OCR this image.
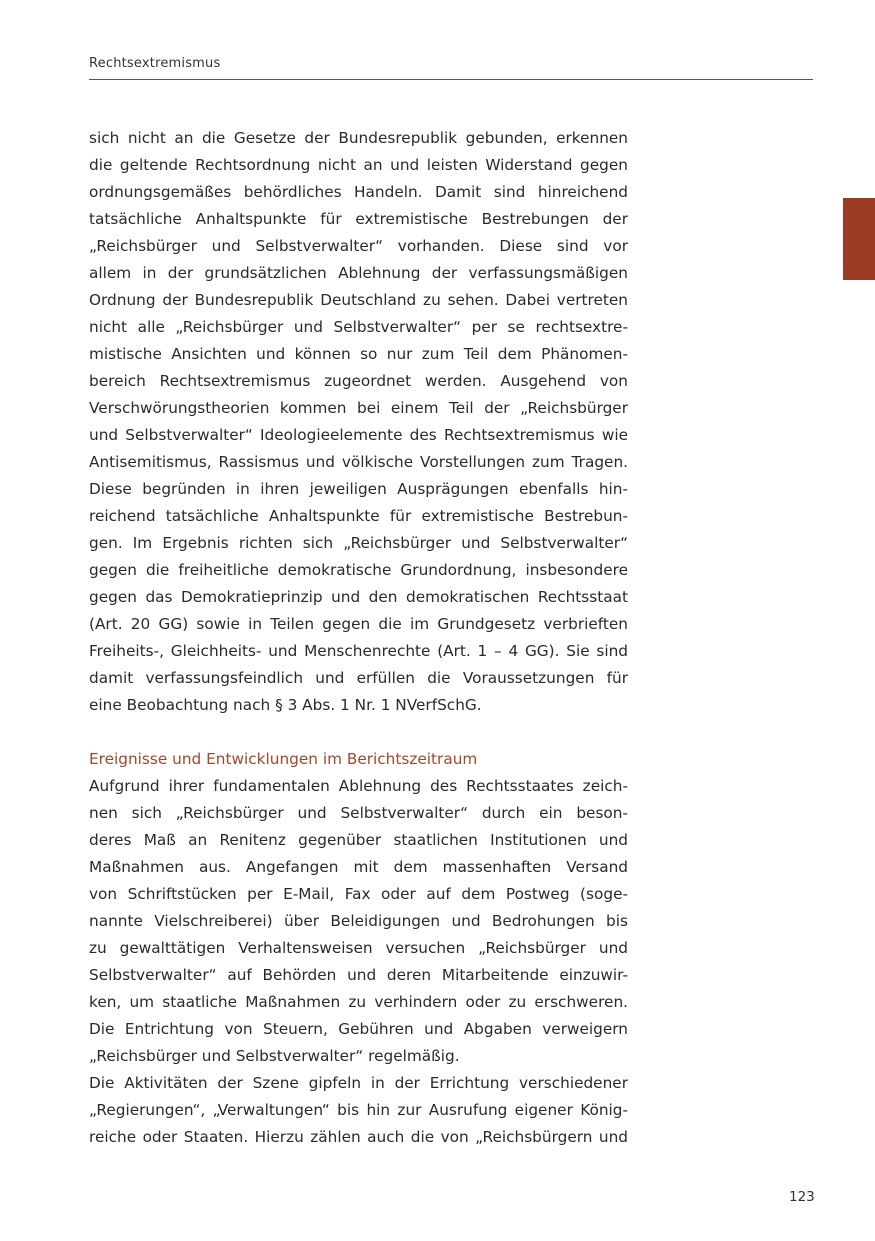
Rechtsextremismus
sich nicht an die Gesetze der Bundesrepublik gebunden, erkennen
die geltende Rechtsordnung nicht an und leisten Widerstand gegen
ordnungsgemäßes behördliches Handeln. Damit sind hinreichend
tatsächliche Anhaltspunkte für extremistische Bestrebungen der
„Reichsbürger und Selbstverwalter“ vorhanden. Diese sind vor
allem in der grundsätzlichen Ablehnung der verfassungsmäßigen
Ordnung der Bundesrepublik Deutschland zu sehen. Dabei vertreten
nicht alle „Reichsbürger und Selbstverwalter“ per se rechtsextre-
mistische Ansichten und können so nur zum Teil dem Phänomen-
bereich Rechtsextremismus zugeordnet werden. Ausgehend von
Verschwörungstheorien kommen bei einem Teil der „Reichsbürger
und Selbstverwalter“ Ideologieelemente des Rechtsextremismus wie
Antisemitismus, Rassismus und völkische Vorstellungen zum Tragen.
Diese begründen in ihren jeweiligen Ausprägungen ebenfalls hin-
reichend tatsächliche Anhaltspunkte für extremistische Bestrebun-
gen. Im Ergebnis richten sich „Reichsbürger und Selbstverwalter“
gegen die freiheitliche demokratische Grundordnung, insbesondere
gegen das Demokratieprinzip und den demokratischen Rechtsstaat
(Art. 20 GG) sowie in Teilen gegen die im Grundgesetz verbrieften
Freiheits-, Gleichheits- und Menschenrechte (Art. 1 – 4 GG). Sie sind
damit verfassungsfeindlich und erfüllen die Voraussetzungen für
eine Beobachtung nach § 3 Abs. 1 Nr. 1 NVerfSchG.
Ereignisse und Entwicklungen im Berichtszeitraum
Aufgrund ihrer fundamentalen Ablehnung des Rechtsstaates zeich-
nen sich „Reichsbürger und Selbstverwalter“ durch ein beson-
deres Maß an Renitenz gegenüber staatlichen Institutionen und
Maßnahmen aus. Angefangen mit dem massenhaften Versand
von Schriftstücken per E-Mail, Fax oder auf dem Postweg (soge-
nannte Vielschreiberei) über Beleidigungen und Bedrohungen bis
zu gewalttätigen Verhaltensweisen versuchen „Reichsbürger und
Selbstverwalter“ auf Behörden und deren Mitarbeitende einzuwir-
ken, um staatliche Maßnahmen zu verhindern oder zu erschweren.
Die Entrichtung von Steuern, Gebühren und Abgaben verweigern
„Reichsbürger und Selbstverwalter“ regelmäßig.
Die Aktivitäten der Szene gipfeln in der Errichtung verschiedener
„Regierungen“, „Verwaltungen“ bis hin zur Ausrufung eigener König-
reiche oder Staaten. Hierzu zählen auch die von „Reichsbürgern und
123
